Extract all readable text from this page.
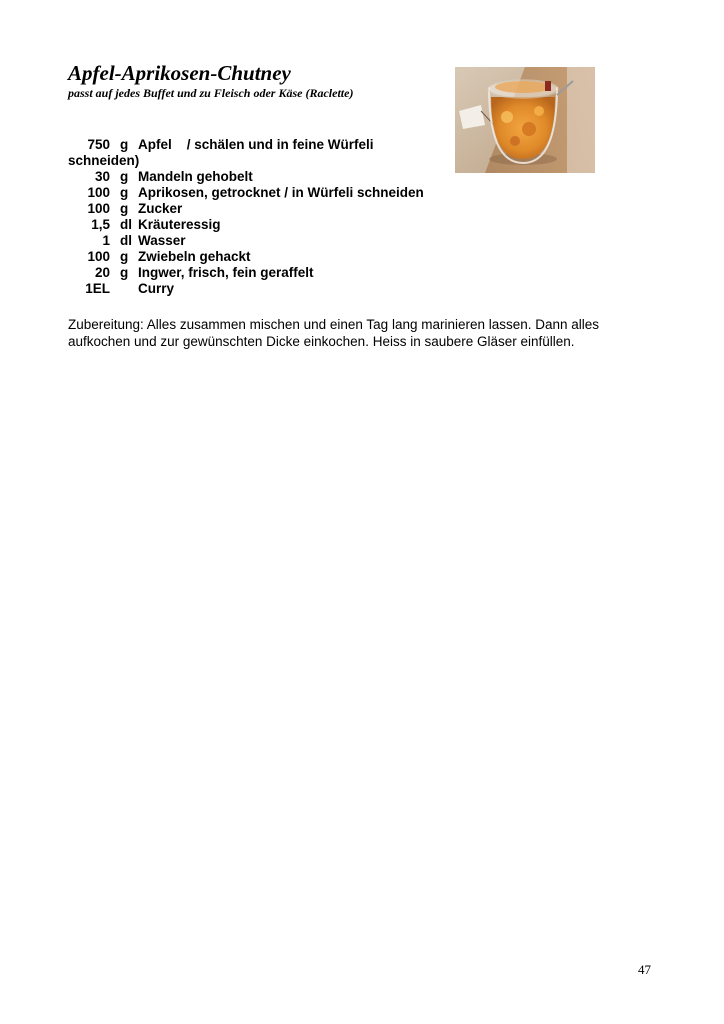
Apfel-Aprikosen-Chutney

passt auf jedes Buffet und zu Fleisch oder Käse (Raclette)

750 g Apfel    / schälen und in feine Würfeli
schneiden)
30 g Mandeln gehobelt
100 g Aprikosen, getrocknet / in Würfeli schneiden
100 g Zucker
1,5 dl Kräuteressig
1 dl Wasser
100 g Zwiebeln gehackt
20 g Ingwer, frisch, fein geraffelt
1EL Curry

Zubereitung: Alles zusammen mischen und einen Tag lang marinieren lassen. Dann alles aufkochen und zur gewünschten Dicke einkochen. Heiss in saubere Gläser einfüllen.

47
